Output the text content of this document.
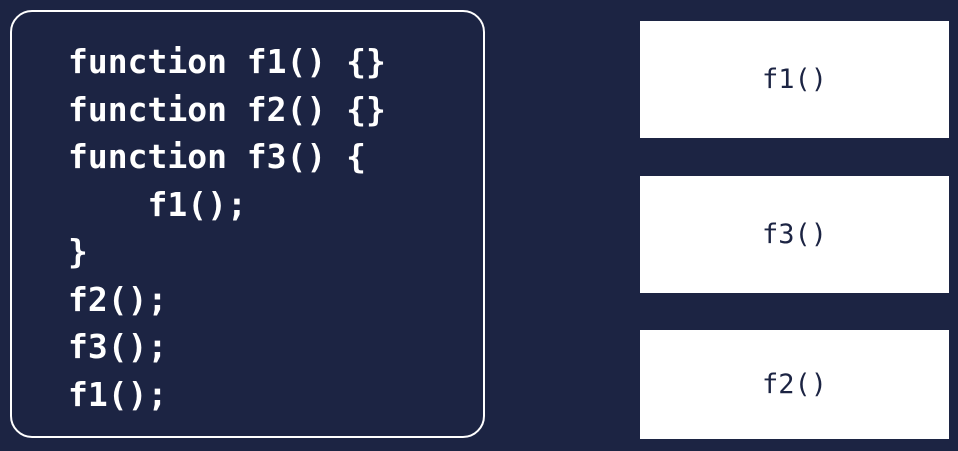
function f1() {}
function f2() {}
function f3() {
f1();
}
f2();
f3();
f1();
f1()
f3()
f2()
